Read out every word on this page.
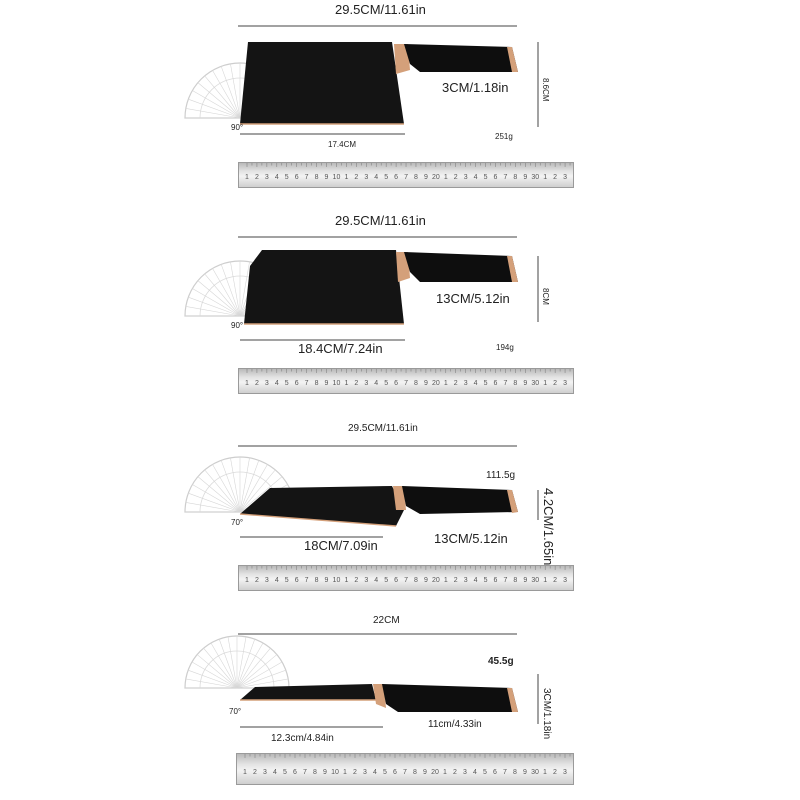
29.5CM/11.61in
3CM/1.18in
17.4CM
251g
90°
8.6CM
1 2 3 4 5 6 7 8 9 10 1 2 3 4 5 6 7 8 9 20 1 2 3 4 5 6 7 8 9 30 1 2 3
29.5CM/11.61in
13CM/5.12in
18.4CM/7.24in	194g
90°
8CM
1 2 3 4 5 6 7 8 9 10 1 2 3 4 5 6 7 8 9 20 1 2 3 4 5 6 7 8 9 30 1 2 3
29.5CM/11.61in
111.5g
18CM/7.09in	13CM/5.12in
70°	4.2CM/1.65in
1 2 3 4 5 6 7 8 9 10 1 2 3 4 5 6 7 8 9 20 1 2 3 4 5 6 7 8 9 30 1 2 3
22CM
45.5g
12.3cm/4.84in
11cm/4.33in
70°	3CM/1.18in
1 2 3 4 5 6 7 8 9 10 1 2 3 4 5 6 7 8 9 20 1 2 3 4 5 6 7 8 9 30 1 2 3
